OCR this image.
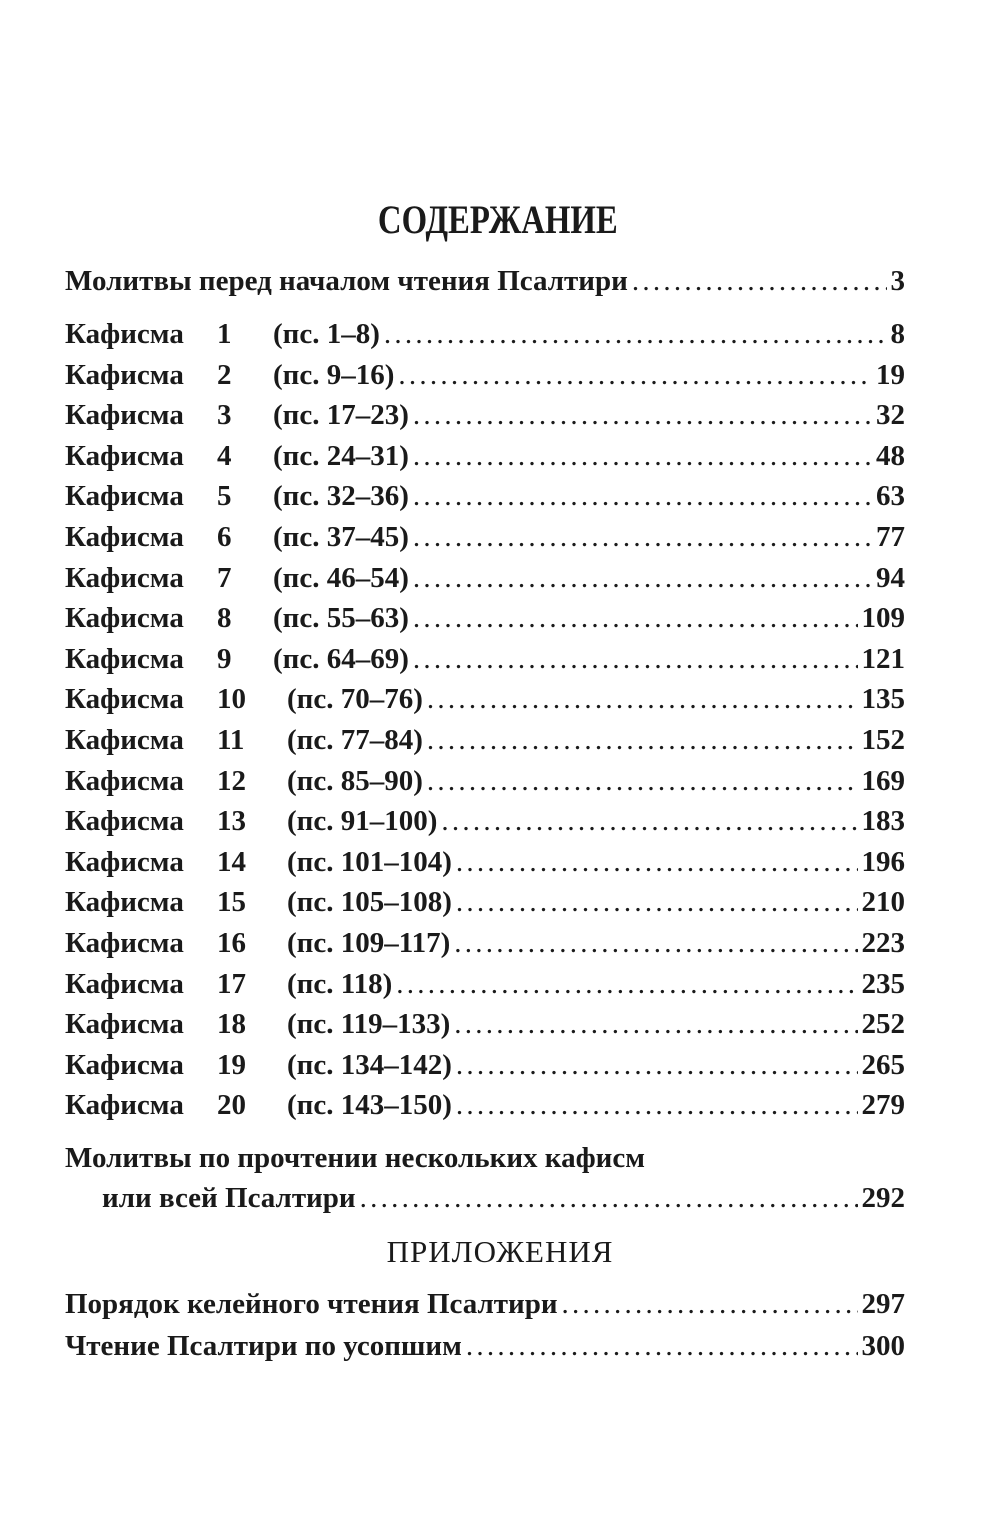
СОДЕРЖАНИЕ
Молитвы перед началом чтения Псалтири . . .	3
Кафисма 1 (пс. 1–8) . . .	8
Кафисма 2 (пс. 9–16) . . .	19
Кафисма 3 (пс. 17–23) . . .	32
Кафисма 4 (пс. 24–31) . . .	48
Кафисма 5 (пс. 32–36) . . .	63
Кафисма 6 (пс. 37–45) . . .	77
Кафисма 7 (пс. 46–54) . . .	94
Кафисма 8 (пс. 55–63) . . .	109
Кафисма 9 (пс. 64–69) . . .	121
Кафисма 10 (пс. 70–76) . . .	135
Кафисма 11 (пс. 77–84) . . .	152
Кафисма 12 (пс. 85–90) . . .	169
Кафисма 13 (пс. 91–100) . . .	183
Кафисма 14 (пс. 101–104) . . .	196
Кафисма 15 (пс. 105–108) . . .	210
Кафисма 16 (пс. 109–117) . . .	223
Кафисма 17 (пс. 118) . . .	235
Кафисма 18 (пс. 119–133) . . .	252
Кафисма 19 (пс. 134–142) . . .	265
Кафисма 20 (пс. 143–150) . . .	279
Молитвы по прочтении нескольких кафисм
или всей Псалтири . . .	292
ПРИЛОЖЕНИЯ
Порядок келейного чтения Псалтири . . .	297
Чтение Псалтири по усопшим . . .	300
